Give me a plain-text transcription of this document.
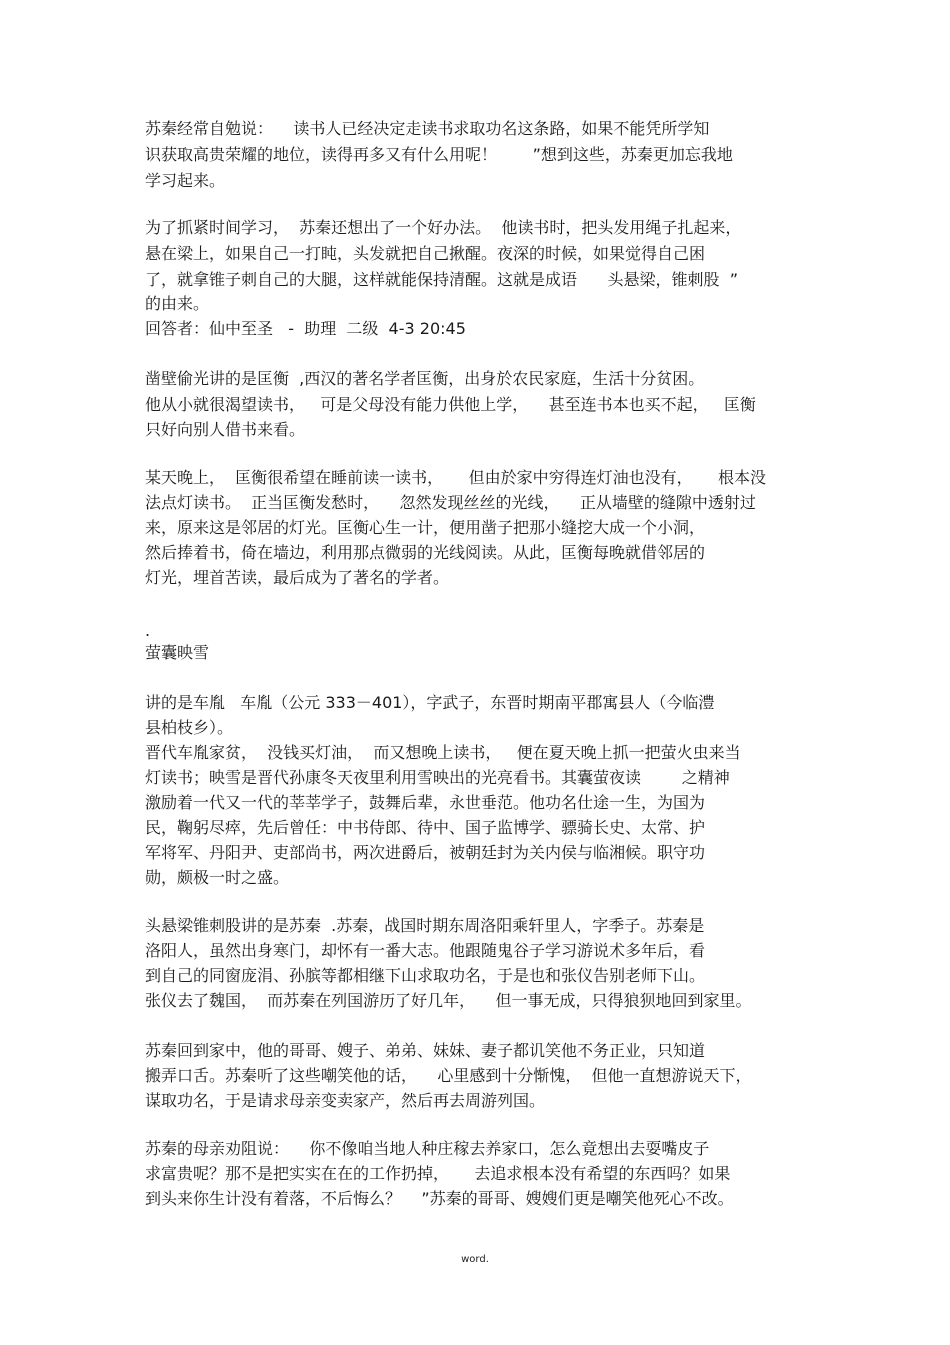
苏秦经常自勉说：    读书人已经决定走读书求取功名这条路，如果不能凭所学知
识获取高贵荣耀的地位，读得再多又有什么用呢！       ”想到这些，苏秦更加忘我地
学习起来。
为了抓紧时间学习，  苏秦还想出了一个好办法。  他读书时，把头发用绳子扎起来，
悬在梁上，如果自己一打盹，头发就把自己揪醒。夜深的时候，如果觉得自己困
了，就拿锥子刺自己的大腿，这样就能保持清醒。这就是成语      头悬梁，锥刺股  ”
的由来。
回答者：仙中至圣   -  助理  二级  4-3 20:45
凿壁偷光讲的是匡衡  ,西汉的著名学者匡衡，出身於农民家庭，生活十分贫困。
他从小就很渴望读书，   可是父母没有能力供他上学，    甚至连书本也买不起，   匡衡
只好向别人借书来看。
某天晚上，  匡衡很希望在睡前读一读书，     但由於家中穷得连灯油也没有，     根本没
法点灯读书。  正当匡衡发愁时，    忽然发现丝丝的光线，    正从墙壁的缝隙中透射过
来，原来这是邻居的灯光。匡衡心生一计，便用凿子把那小缝挖大成一个小洞，
然后捧着书，倚在墙边，利用那点微弱的光线阅读。从此，匡衡每晚就借邻居的
灯光，埋首苦读，最后成为了著名的学者。
.
萤囊映雪
讲的是车胤   车胤（公元 333－401），字武子，东晋时期南平郡寓县人（今临澧
县柏枝乡）。
晋代车胤家贫，  没钱买灯油，  而又想晚上读书，   便在夏天晚上抓一把萤火虫来当
灯读书；映雪是晋代孙康冬天夜里利用雪映出的光亮看书。其囊萤夜读        之精神
激励着一代又一代的莘莘学子，鼓舞后辈，永世垂范。他功名仕途一生，为国为
民，鞠躬尽瘁，先后曾任：中书侍郎、待中、国子监博学、骠骑长史、太常、护
军将军、丹阳尹、吏部尚书，两次进爵后，被朝廷封为关内侯与临湘候。职守功
勋，颇极一时之盛。
头悬梁锥刺股讲的是苏秦  .苏秦，战国时期东周洛阳乘轩里人，字季子。苏秦是
洛阳人，虽然出身寒门，却怀有一番大志。他跟随鬼谷子学习游说术多年后，看
到自己的同窗庞涓、孙膑等都相继下山求取功名，于是也和张仪告别老师下山。
张仪去了魏国，  而苏秦在列国游历了好几年，    但一事无成，只得狼狈地回到家里。
苏秦回到家中，他的哥哥、嫂子、弟弟、妹妹、妻子都讥笑他不务正业，只知道
搬弄口舌。苏秦听了这些嘲笑他的话，    心里感到十分惭愧，  但他一直想游说天下，
谋取功名，于是请求母亲变卖家产，然后再去周游列国。
苏秦的母亲劝阻说：    你不像咱当地人种庄稼去养家口，怎么竟想出去耍嘴皮子
求富贵呢？那不是把实实在在的工作扔掉，     去追求根本没有希望的东西吗？如果
到头来你生计没有着落，不后悔么？    ”苏秦的哥哥、嫂嫂们更是嘲笑他死心不改。
word.
